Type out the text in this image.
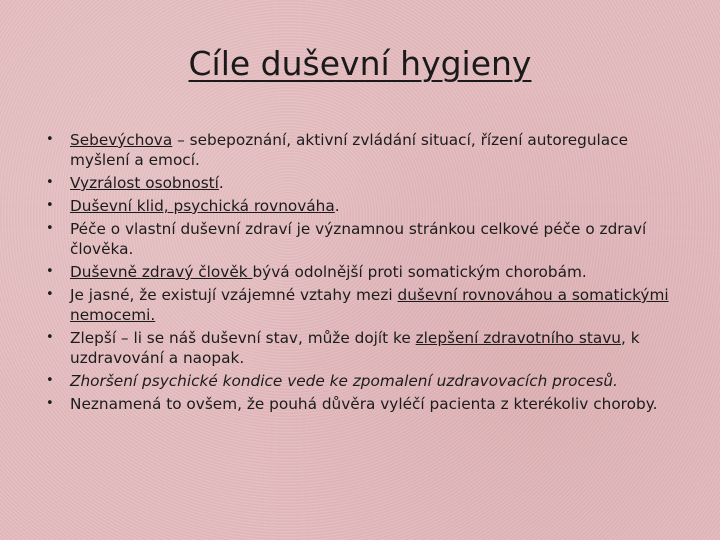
Cíle duševní hygieny
•	Sebevýchova – sebepoznání, aktivní zvládání situací, řízení autoregulace myšlení a emocí.
•	Vyzrálost osobností.
•	Duševní klid, psychická rovnováha.
•	Péče o vlastní duševní zdraví je významnou stránkou celkové péče o zdraví člověka.
•	Duševně zdravý člověk bývá odolnější proti somatickým chorobám.
•	Je jasné, že existují vzájemné vztahy mezi duševní rovnováhou a somatickými nemocemi.
•	Zlepší – li se náš duševní stav, může dojít ke zlepšení zdravotního stavu, k uzdravování a naopak.
•	Zhoršení psychické kondice vede ke zpomalení uzdravovacích procesů.
•	Neznamená to ovšem, že pouhá důvěra vyléčí pacienta z kterékoliv choroby.
